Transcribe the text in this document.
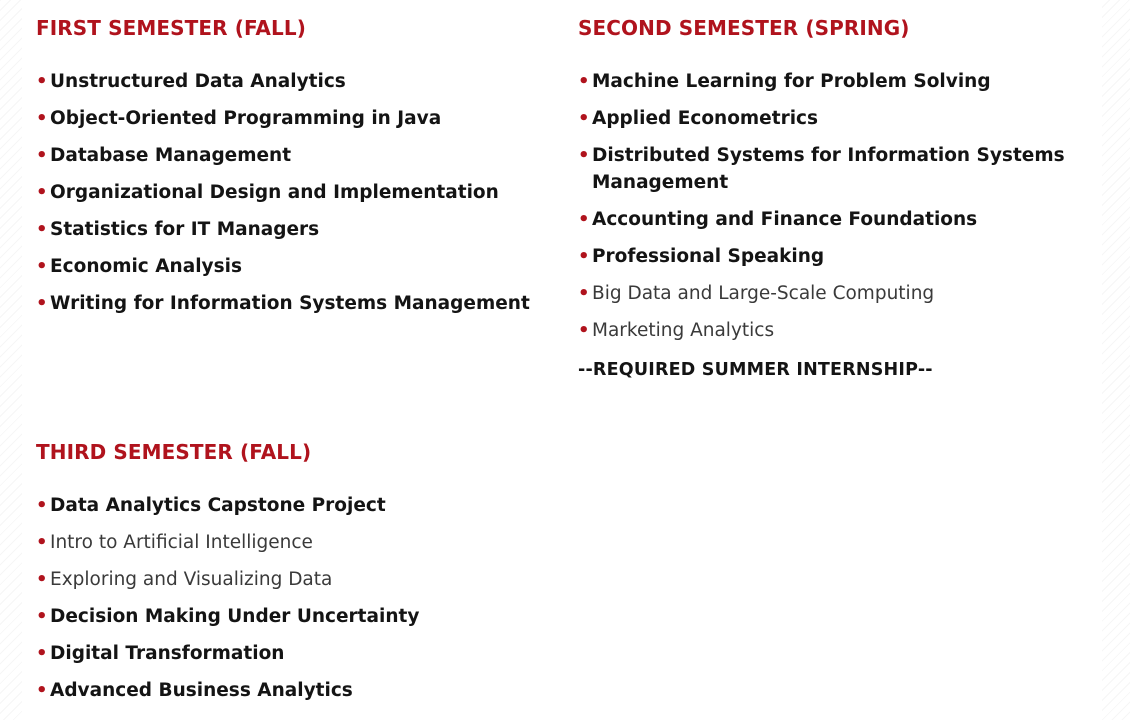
FIRST SEMESTER (FALL)
• Unstructured Data Analytics
• Object-Oriented Programming in Java
• Database Management
• Organizational Design and Implementation
• Statistics for IT Managers
• Economic Analysis
• Writing for Information Systems Management
SECOND SEMESTER (SPRING)
• Machine Learning for Problem Solving
• Applied Econometrics
• Distributed Systems for Information Systems Management
• Accounting and Finance Foundations
• Professional Speaking
• Big Data and Large-Scale Computing
• Marketing Analytics
--REQUIRED SUMMER INTERNSHIP--
THIRD SEMESTER (FALL)
• Data Analytics Capstone Project
• Intro to Artificial Intelligence
• Exploring and Visualizing Data
• Decision Making Under Uncertainty
• Digital Transformation
• Advanced Business Analytics
